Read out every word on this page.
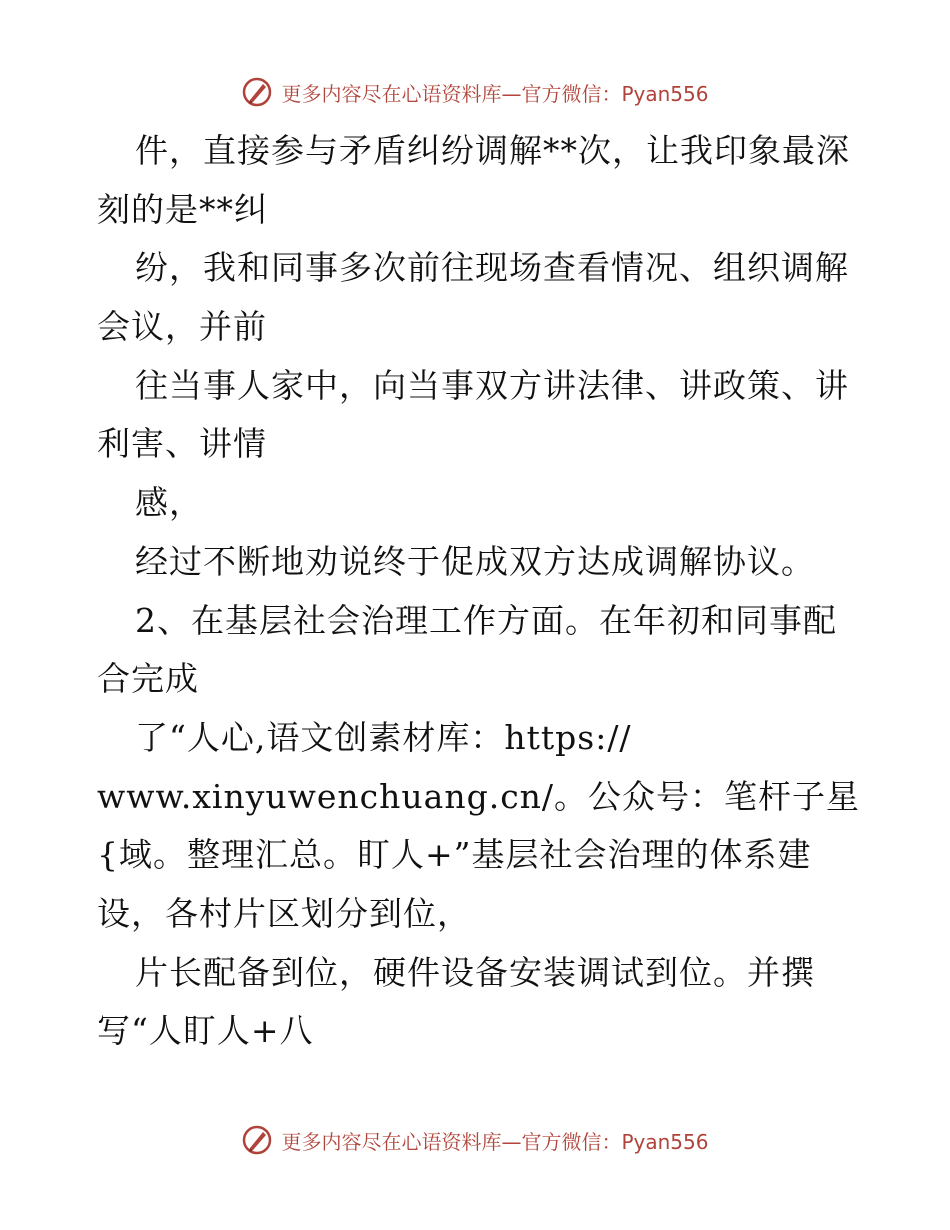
更多内容尽在心语资料库—官方微信：Pyan556
件，直接参与矛盾纠纷调解**次，让我印象最深
刻的是**纠
纷，我和同事多次前往现场查看情况、组织调解
会议，并前
往当事人家中，向当事双方讲法律、讲政策、讲
利害、讲情
感，
经过不断地劝说终于促成双方达成调解协议。
2、在基层社会治理工作方面。在年初和同事配
合完成
了“人心,语文创素材库：https://
www.xinyuwenchuang.cn/。公众号：笔杆子星
{域。整理汇总。盯人+”基层社会治理的体系建
设，各村片区划分到位，
片长配备到位，硬件设备安装调试到位。并撰
写“人盯人+八
更多内容尽在心语资料库—官方微信：Pyan556
